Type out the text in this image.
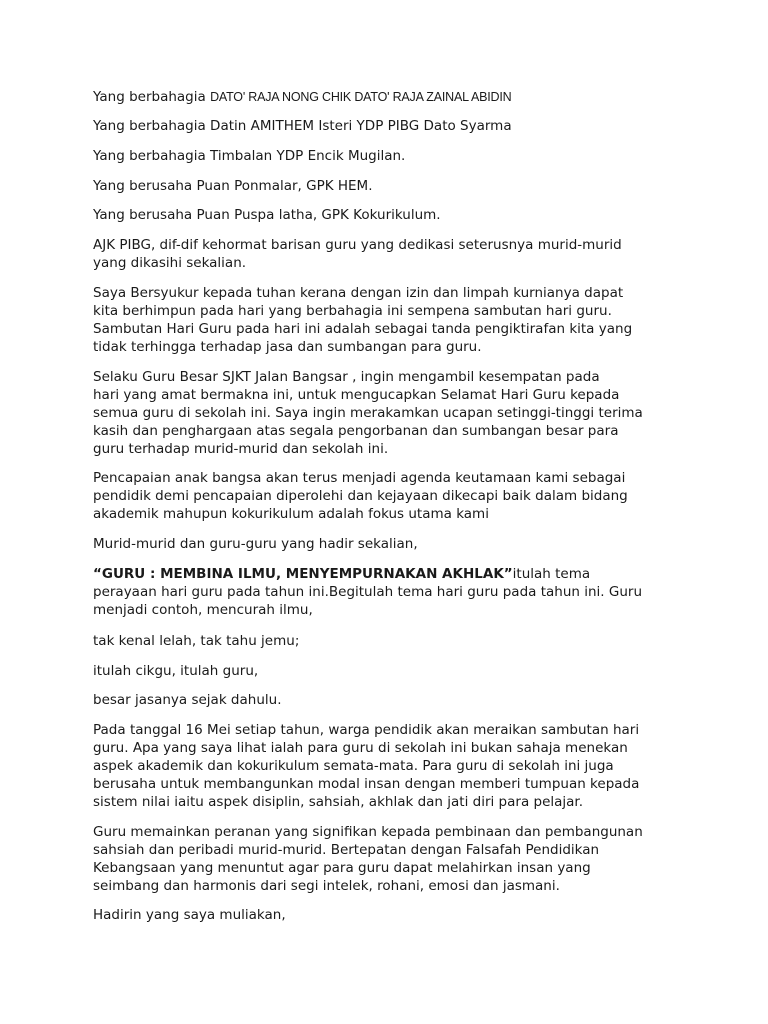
Yang berbahagia DATO' RAJA NONG CHIK DATO' RAJA ZAINAL ABIDIN

Yang berbahagia Datin AMITHEM Isteri YDP PIBG Dato Syarma

Yang berbahagia Timbalan YDP Encik Mugilan.

Yang berusaha Puan Ponmalar, GPK HEM.

Yang berusaha Puan Puspa latha, GPK Kokurikulum.

AJK PIBG, dif-dif kehormat barisan guru yang dedikasi seterusnya murid-murid
yang dikasihi sekalian.

Saya Bersyukur kepada tuhan kerana dengan izin dan limpah kurnianya dapat
kita berhimpun pada hari yang berbahagia ini sempena sambutan hari guru.
Sambutan Hari Guru pada hari ini adalah sebagai tanda pengiktirafan kita yang
tidak terhingga terhadap jasa dan sumbangan para guru.

Selaku Guru Besar SJKT Jalan Bangsar , ingin mengambil kesempatan pada
hari yang amat bermakna ini, untuk mengucapkan Selamat Hari Guru kepada
semua guru di sekolah ini. Saya ingin merakamkan ucapan setinggi-tinggi terima
kasih dan penghargaan atas segala pengorbanan dan sumbangan besar para
guru terhadap murid-murid dan sekolah ini.

Pencapaian anak bangsa akan terus menjadi agenda keutamaan kami sebagai
pendidik demi pencapaian diperolehi dan kejayaan dikecapi baik dalam bidang
akademik mahupun kokurikulum adalah fokus utama kami

Murid-murid dan guru-guru yang hadir sekalian,

“GURU : MEMBINA ILMU, MENYEMPURNAKAN AKHLAK”itulah tema
perayaan hari guru pada tahun ini.Begitulah tema hari guru pada tahun ini. Guru
menjadi contoh, mencurah ilmu,

tak kenal lelah, tak tahu jemu;

itulah cikgu, itulah guru,

besar jasanya sejak dahulu.

Pada tanggal 16 Mei setiap tahun, warga pendidik akan meraikan sambutan hari
guru. Apa yang saya lihat ialah para guru di sekolah ini bukan sahaja menekan
aspek akademik dan kokurikulum semata-mata. Para guru di sekolah ini juga
berusaha untuk membangunkan modal insan dengan memberi tumpuan kepada
sistem nilai iaitu aspek disiplin, sahsiah, akhlak dan jati diri para pelajar.

Guru memainkan peranan yang signifikan kepada pembinaan dan pembangunan
sahsiah dan peribadi murid-murid. Bertepatan dengan Falsafah Pendidikan
Kebangsaan yang menuntut agar para guru dapat melahirkan insan yang
seimbang dan harmonis dari segi intelek, rohani, emosi dan jasmani.

Hadirin yang saya muliakan,
